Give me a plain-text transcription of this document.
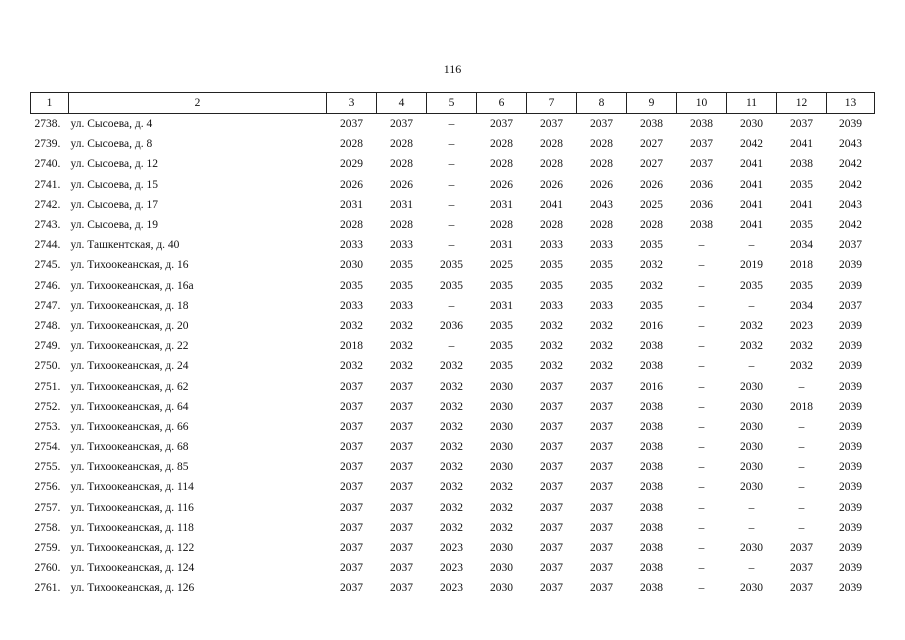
116
1	2	3	4	5	6	7	8	9	10	11	12	13
2738.	ул. Сысоева, д. 4	2037	2037	–	2037	2037	2037	2038	2038	2030	2037	2039
2739.	ул. Сысоева, д. 8	2028	2028	–	2028	2028	2028	2027	2037	2042	2041	2043
2740.	ул. Сысоева, д. 12	2029	2028	–	2028	2028	2028	2027	2037	2041	2038	2042
2741.	ул. Сысоева, д. 15	2026	2026	–	2026	2026	2026	2026	2036	2041	2035	2042
2742.	ул. Сысоева, д. 17	2031	2031	–	2031	2041	2043	2025	2036	2041	2041	2043
2743.	ул. Сысоева, д. 19	2028	2028	–	2028	2028	2028	2028	2038	2041	2035	2042
2744.	ул. Ташкентская, д. 40	2033	2033	–	2031	2033	2033	2035	–	–	2034	2037
2745.	ул. Тихоокеанская, д. 16	2030	2035	2035	2025	2035	2035	2032	–	2019	2018	2039
2746.	ул. Тихоокеанская, д. 16а	2035	2035	2035	2035	2035	2035	2032	–	2035	2035	2039
2747.	ул. Тихоокеанская, д. 18	2033	2033	–	2031	2033	2033	2035	–	–	2034	2037
2748.	ул. Тихоокеанская, д. 20	2032	2032	2036	2035	2032	2032	2016	–	2032	2023	2039
2749.	ул. Тихоокеанская, д. 22	2018	2032	–	2035	2032	2032	2038	–	2032	2032	2039
2750.	ул. Тихоокеанская, д. 24	2032	2032	2032	2035	2032	2032	2038	–	–	2032	2039
2751.	ул. Тихоокеанская, д. 62	2037	2037	2032	2030	2037	2037	2016	–	2030	–	2039
2752.	ул. Тихоокеанская, д. 64	2037	2037	2032	2030	2037	2037	2038	–	2030	2018	2039
2753.	ул. Тихоокеанская, д. 66	2037	2037	2032	2030	2037	2037	2038	–	2030	–	2039
2754.	ул. Тихоокеанская, д. 68	2037	2037	2032	2030	2037	2037	2038	–	2030	–	2039
2755.	ул. Тихоокеанская, д. 85	2037	2037	2032	2030	2037	2037	2038	–	2030	–	2039
2756.	ул. Тихоокеанская, д. 114	2037	2037	2032	2032	2037	2037	2038	–	2030	–	2039
2757.	ул. Тихоокеанская, д. 116	2037	2037	2032	2032	2037	2037	2038	–	–	–	2039
2758.	ул. Тихоокеанская, д. 118	2037	2037	2032	2032	2037	2037	2038	–	–	–	2039
2759.	ул. Тихоокеанская, д. 122	2037	2037	2023	2030	2037	2037	2038	–	2030	2037	2039
2760.	ул. Тихоокеанская, д. 124	2037	2037	2023	2030	2037	2037	2038	–	–	2037	2039
2761.	ул. Тихоокеанская, д. 126	2037	2037	2023	2030	2037	2037	2038	–	2030	2037	2039
